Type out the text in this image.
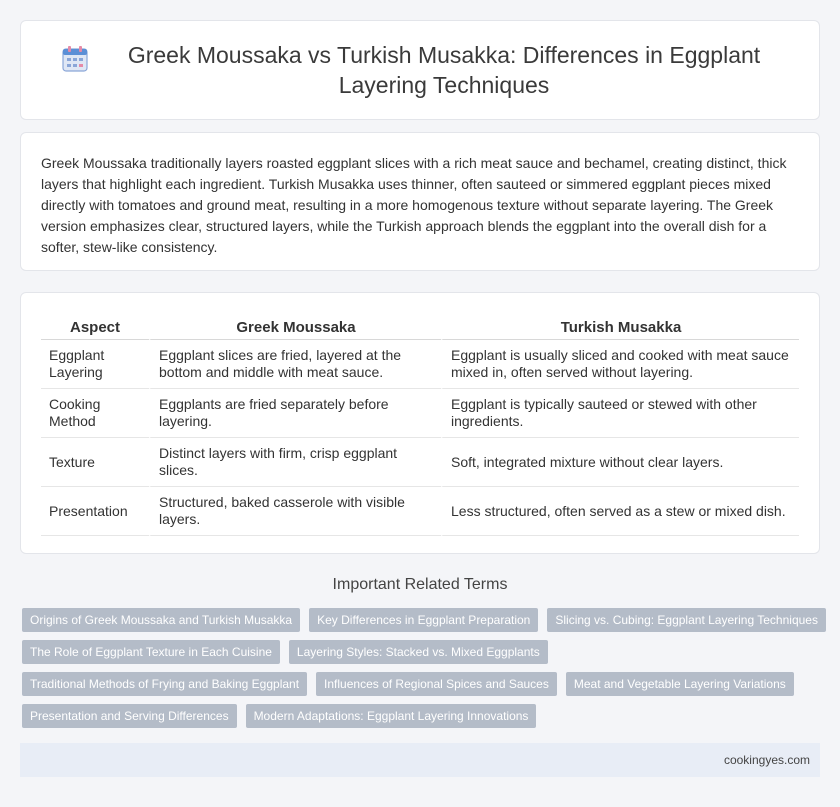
Greek Moussaka vs Turkish Musakka: Differences in Eggplant Layering Techniques

Greek Moussaka traditionally layers roasted eggplant slices with a rich meat sauce and bechamel, creating distinct, thick layers that highlight each ingredient. Turkish Musakka uses thinner, often sauteed or simmered eggplant pieces mixed directly with tomatoes and ground meat, resulting in a more homogenous texture without separate layering. The Greek version emphasizes clear, structured layers, while the Turkish approach blends the eggplant into the overall dish for a softer, stew-like consistency.

Aspect	Greek Moussaka	Turkish Musakka
Eggplant Layering	Eggplant slices are fried, layered at the bottom and middle with meat sauce.	Eggplant is usually sliced and cooked with meat sauce mixed in, often served without layering.
Cooking Method	Eggplants are fried separately before layering.	Eggplant is typically sauteed or stewed with other ingredients.
Texture	Distinct layers with firm, crisp eggplant slices.	Soft, integrated mixture without clear layers.
Presentation	Structured, baked casserole with visible layers.	Less structured, often served as a stew or mixed dish.
Important Related Terms
Origins of Greek Moussaka and Turkish Musakka	Key Differences in Eggplant Preparation	Slicing vs. Cubing: Eggplant Layering Techniques
The Role of Eggplant Texture in Each Cuisine	Layering Styles: Stacked vs. Mixed Eggplants
Traditional Methods of Frying and Baking Eggplant	Influences of Regional Spices and Sauces	Meat and Vegetable Layering Variations
Presentation and Serving Differences	Modern Adaptations: Eggplant Layering Innovations
cookingyes.com
